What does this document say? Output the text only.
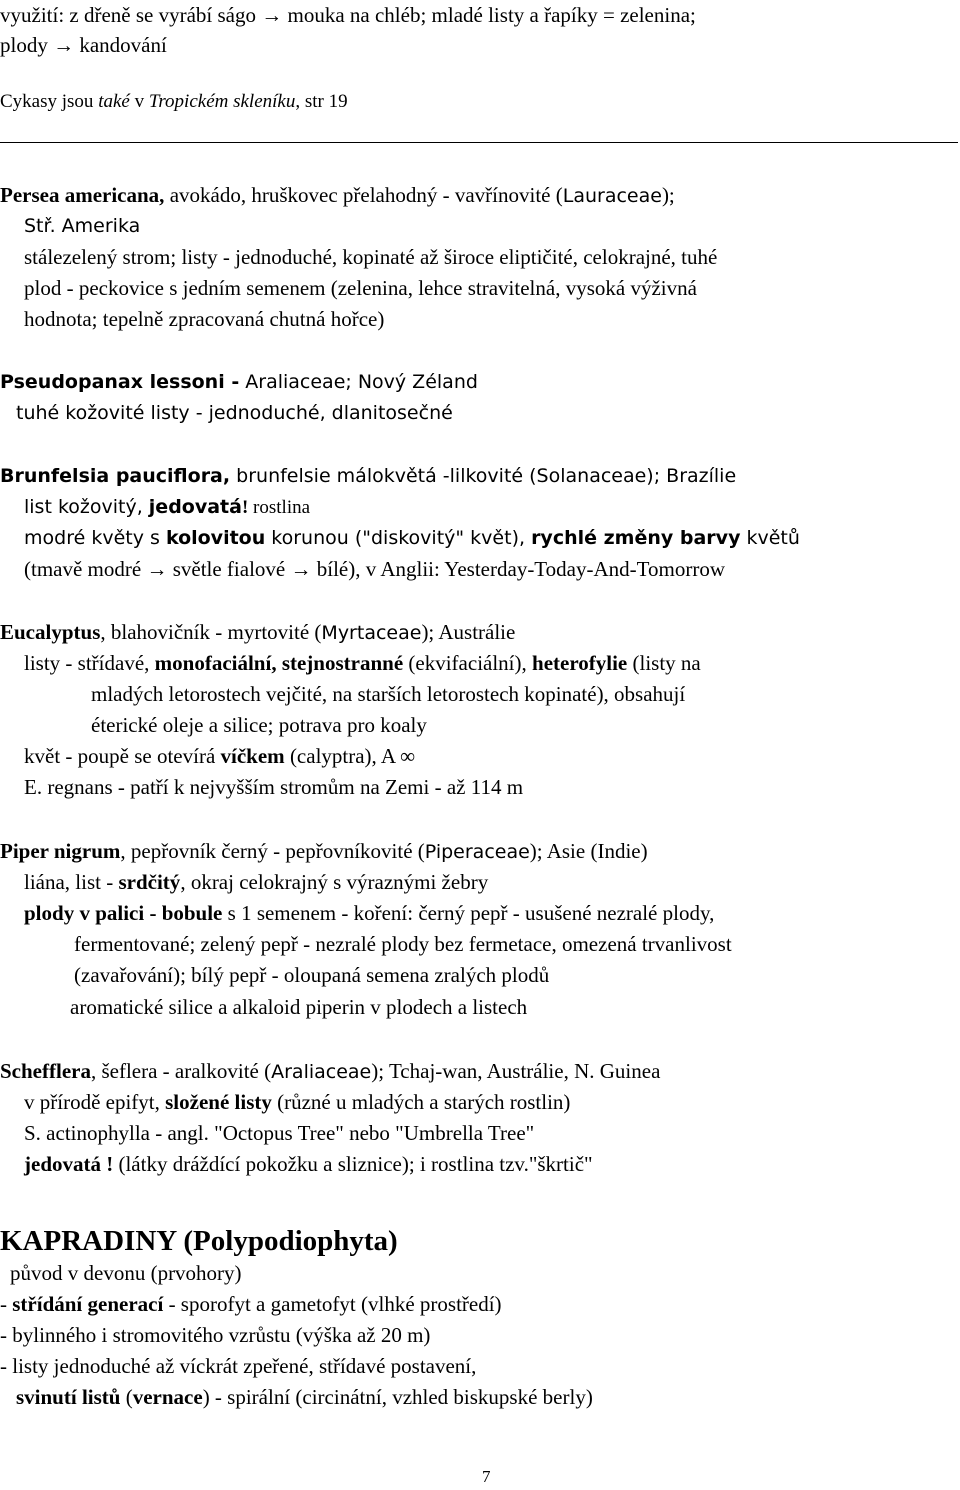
využití: z dřeně se vyrábí ságo → mouka na chléb; mladé listy a řapíky = zelenina;
plody → kandování
Cykasy jsou také v Tropickém skleníku, str 19
Persea americana, avokádo, hruškovec přelahodný - vavřínovité (Lauraceae);
Stř. Amerika
stálezelený strom; listy - jednoduché, kopinaté až široce eliptičité, celokrajné, tuhé
plod - peckovice s jedním semenem (zelenina, lehce stravitelná, vysoká výživná
hodnota; tepelně zpracovaná chutná hořce)
Pseudopanax lessoni - Araliaceae; Nový Zéland
tuhé kožovité listy - jednoduché, dlanitosečné
Brunfelsia pauciflora, brunfelsie málokvětá -lilkovité (Solanaceae); Brazílie
list kožovitý, jedovatá! rostlina
modré květy s kolovitou korunou ("diskovitý" květ), rychlé změny barvy květů
(tmavě modré → světle fialové → bílé), v Anglii: Yesterday-Today-And-Tomorrow
Eucalyptus, blahovičník - myrtovité (Myrtaceae); Austrálie
listy - střídavé, monofaciální, stejnostranné (ekvifaciální), heterofylie (listy na
mladých letorostech vejčité, na starších letorostech kopinaté), obsahují
éterické oleje a silice; potrava pro koaly
květ - poupě se otevírá víčkem (calyptra), A ∞
E. regnans - patří k nejvyšším stromům na Zemi - až 114 m
Piper nigrum, pepřovník černý - pepřovníkovité (Piperaceae); Asie (Indie)
liána, list - srdčitý, okraj celokrajný s výraznými žebry
plody v palici - bobule s 1 semenem - koření: černý pepř - usušené nezralé plody,
fermentované; zelený pepř - nezralé plody bez fermetace, omezená trvanlivost
(zavařování); bílý pepř - oloupaná semena zralých plodů
aromatické silice a alkaloid piperin v plodech a listech
Schefflera, šeflera - aralkovité (Araliaceae); Tchaj-wan, Austrálie, N. Guinea
v přírodě epifyt, složené listy (různé u mladých a starých rostlin)
S. actinophylla - angl. "Octopus Tree" nebo "Umbrella Tree"
jedovatá ! (látky dráždící pokožku a sliznice); i rostlina tzv."škrtič"
KAPRADINY (Polypodiophyta)
původ v devonu (prvohory)
- střídání generací - sporofyt a gametofyt (vlhké prostředí)
- bylinného i stromovitého vzrůstu (výška až 20 m)
- listy jednoduché až víckrát zpeřené, střídavé postavení,
svinutí listů (vernace) - spirální (circinátní, vzhled biskupské berly)
7
